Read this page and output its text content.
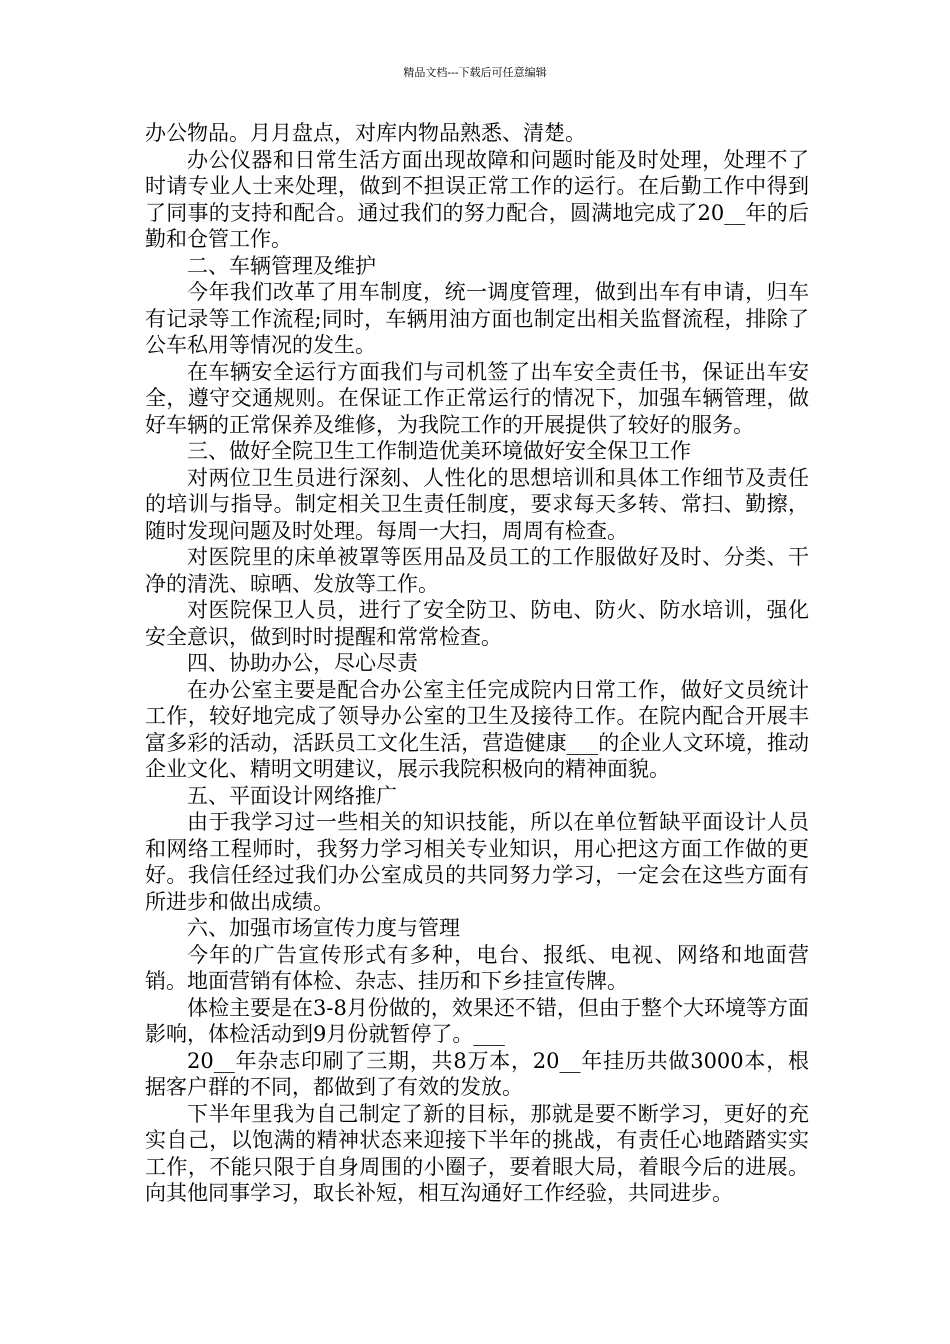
精品文档---下载后可任意编辑

办公物品。月月盘点，对库内物品熟悉、清楚。

办公仪器和日常生活方面出现故障和问题时能及时处理，处理不了时请专业人士来处理，做到不担误正常工作的运行。在后勤工作中得到了同事的支持和配合。通过我们的努力配合，圆满地完成了20__年的后勤和仓管工作。

二、车辆管理及维护

今年我们改革了用车制度，统一调度管理，做到出车有申请，归车有记录等工作流程;同时，车辆用油方面也制定出相关监督流程，排除了公车私用等情况的发生。

在车辆安全运行方面我们与司机签了出车安全责任书，保证出车安全，遵守交通规则。在保证工作正常运行的情况下，加强车辆管理，做好车辆的正常保养及维修，为我院工作的开展提供了较好的服务。

三、做好全院卫生工作制造优美环境做好安全保卫工作

对两位卫生员进行深刻、人性化的思想培训和具体工作细节及责任的培训与指导。制定相关卫生责任制度，要求每天多转、常扫、勤擦，随时发现问题及时处理。每周一大扫，周周有检查。

对医院里的床单被罩等医用品及员工的工作服做好及时、分类、干净的清洗、晾晒、发放等工作。

对医院保卫人员，进行了安全防卫、防电、防火、防水培训，强化安全意识，做到时时提醒和常常检查。

四、协助办公，尽心尽责

在办公室主要是配合办公室主任完成院内日常工作，做好文员统计工作，较好地完成了领导办公室的卫生及接待工作。在院内配合开展丰富多彩的活动，活跃员工文化生活，营造健康___的企业人文环境，推动企业文化、精明文明建议，展示我院积极向的精神面貌。

五、平面设计网络推广

由于我学习过一些相关的知识技能，所以在单位暂缺平面设计人员和网络工程师时，我努力学习相关专业知识，用心把这方面工作做的更好。我信任经过我们办公室成员的共同努力学习，一定会在这些方面有所进步和做出成绩。

六、加强市场宣传力度与管理

今年的广告宣传形式有多种，电台、报纸、电视、网络和地面营销。地面营销有体检、杂志、挂历和下乡挂宣传牌。

体检主要是在3-8月份做的，效果还不错，但由于整个大环境等方面影响，体检活动到9月份就暂停了。___

20__年杂志印刷了三期，共8万本，20__年挂历共做3000本，根据客户群的不同，都做到了有效的发放。

下半年里我为自己制定了新的目标，那就是要不断学习，更好的充实自己，以饱满的精神状态来迎接下半年的挑战，有责任心地踏踏实实工作，不能只限于自身周围的小圈子，要着眼大局，着眼今后的进展。向其他同事学习，取长补短，相互沟通好工作经验，共同进步。
